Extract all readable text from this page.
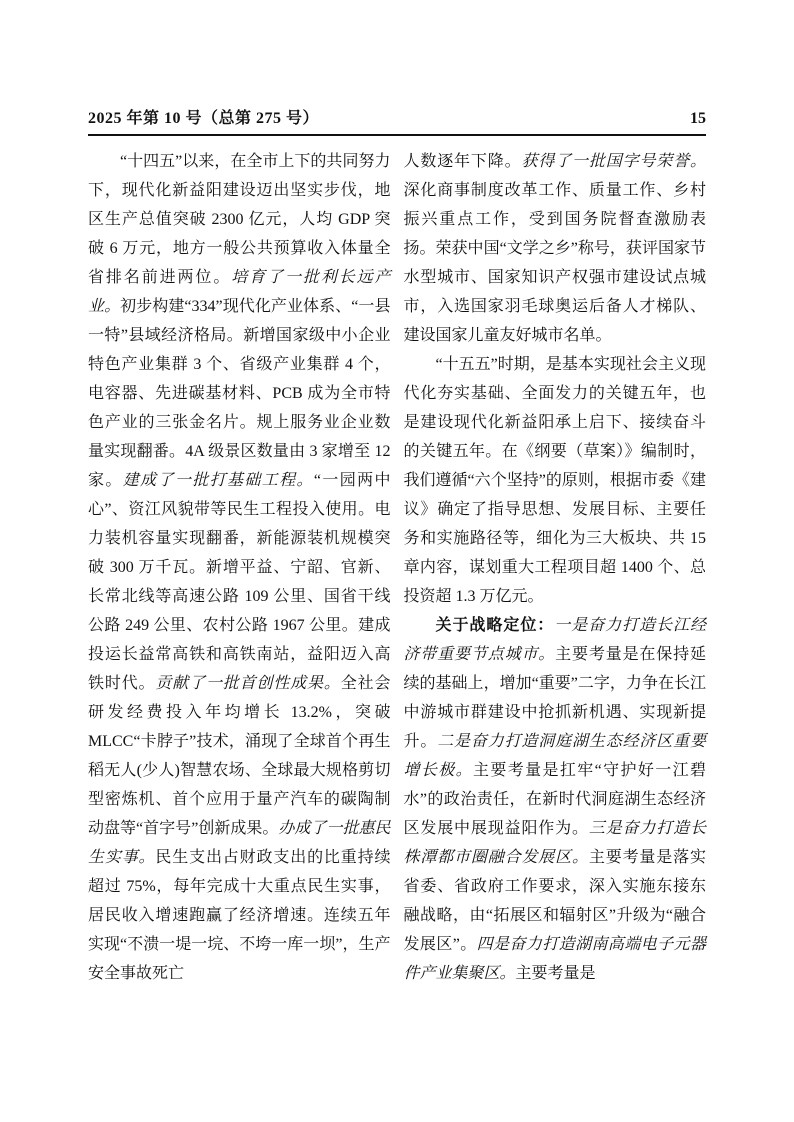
2025 年第 10 号（总第 275 号）	15

“十四五”以来，在全市上下的共同努力下，现代化新益阳建设迈出坚实步伐，地区生产总值突破 2300 亿元，人均 GDP 突破 6 万元，地方一般公共预算收入体量全省排名前进两位。培育了一批利长远产业。初步构建“334”现代化产业体系、“一县一特”县域经济格局。新增国家级中小企业特色产业集群 3 个、省级产业集群 4 个，电容器、先进碳基材料、PCB 成为全市特色产业的三张金名片。规上服务业企业数量实现翻番。4A 级景区数量由 3 家增至 12 家。建成了一批打基础工程。“一园两中心”、资江风貌带等民生工程投入使用。电力装机容量实现翻番，新能源装机规模突破 300 万千瓦。新增平益、宁韶、官新、长常北线等高速公路 109 公里、国省干线公路 249 公里、农村公路 1967 公里。建成投运长益常高铁和高铁南站，益阳迈入高铁时代。贡献了一批首创性成果。全社会研发经费投入年均增长 13.2%，突破 MLCC“卡脖子”技术，涌现了全球首个再生稻无人(少人)智慧农场、全球最大规格剪切型密炼机、首个应用于量产汽车的碳陶制动盘等“首字号”创新成果。办成了一批惠民生实事。民生支出占财政支出的比重持续超过 75%，每年完成十大重点民生实事，居民收入增速跑赢了经济增速。连续五年实现“不溃一堤一垸、不垮一库一坝”，生产安全事故死亡

人数逐年下降。获得了一批国字号荣誉。深化商事制度改革工作、质量工作、乡村振兴重点工作，受到国务院督查激励表扬。荣获中国“文学之乡”称号，获评国家节水型城市、国家知识产权强市建设试点城市，入选国家羽毛球奥运后备人才梯队、建设国家儿童友好城市名单。

“十五五”时期，是基本实现社会主义现代化夯实基础、全面发力的关键五年，也是建设现代化新益阳承上启下、接续奋斗的关键五年。在《纲要（草案）》编制时，我们遵循“六个坚持”的原则，根据市委《建议》确定了指导思想、发展目标、主要任务和实施路径等，细化为三大板块、共 15 章内容，谋划重大工程项目超 1400 个、总投资超 1.3 万亿元。

关于战略定位：一是奋力打造长江经济带重要节点城市。主要考量是在保持延续的基础上，增加“重要”二字，力争在长江中游城市群建设中抢抓新机遇、实现新提升。二是奋力打造洞庭湖生态经济区重要增长极。主要考量是扛牢“守护好一江碧水”的政治责任，在新时代洞庭湖生态经济区发展中展现益阳作为。三是奋力打造长株潭都市圈融合发展区。主要考量是落实省委、省政府工作要求，深入实施东接东融战略，由“拓展区和辐射区”升级为“融合发展区”。四是奋力打造湖南高端电子元器件产业集聚区。主要考量是
